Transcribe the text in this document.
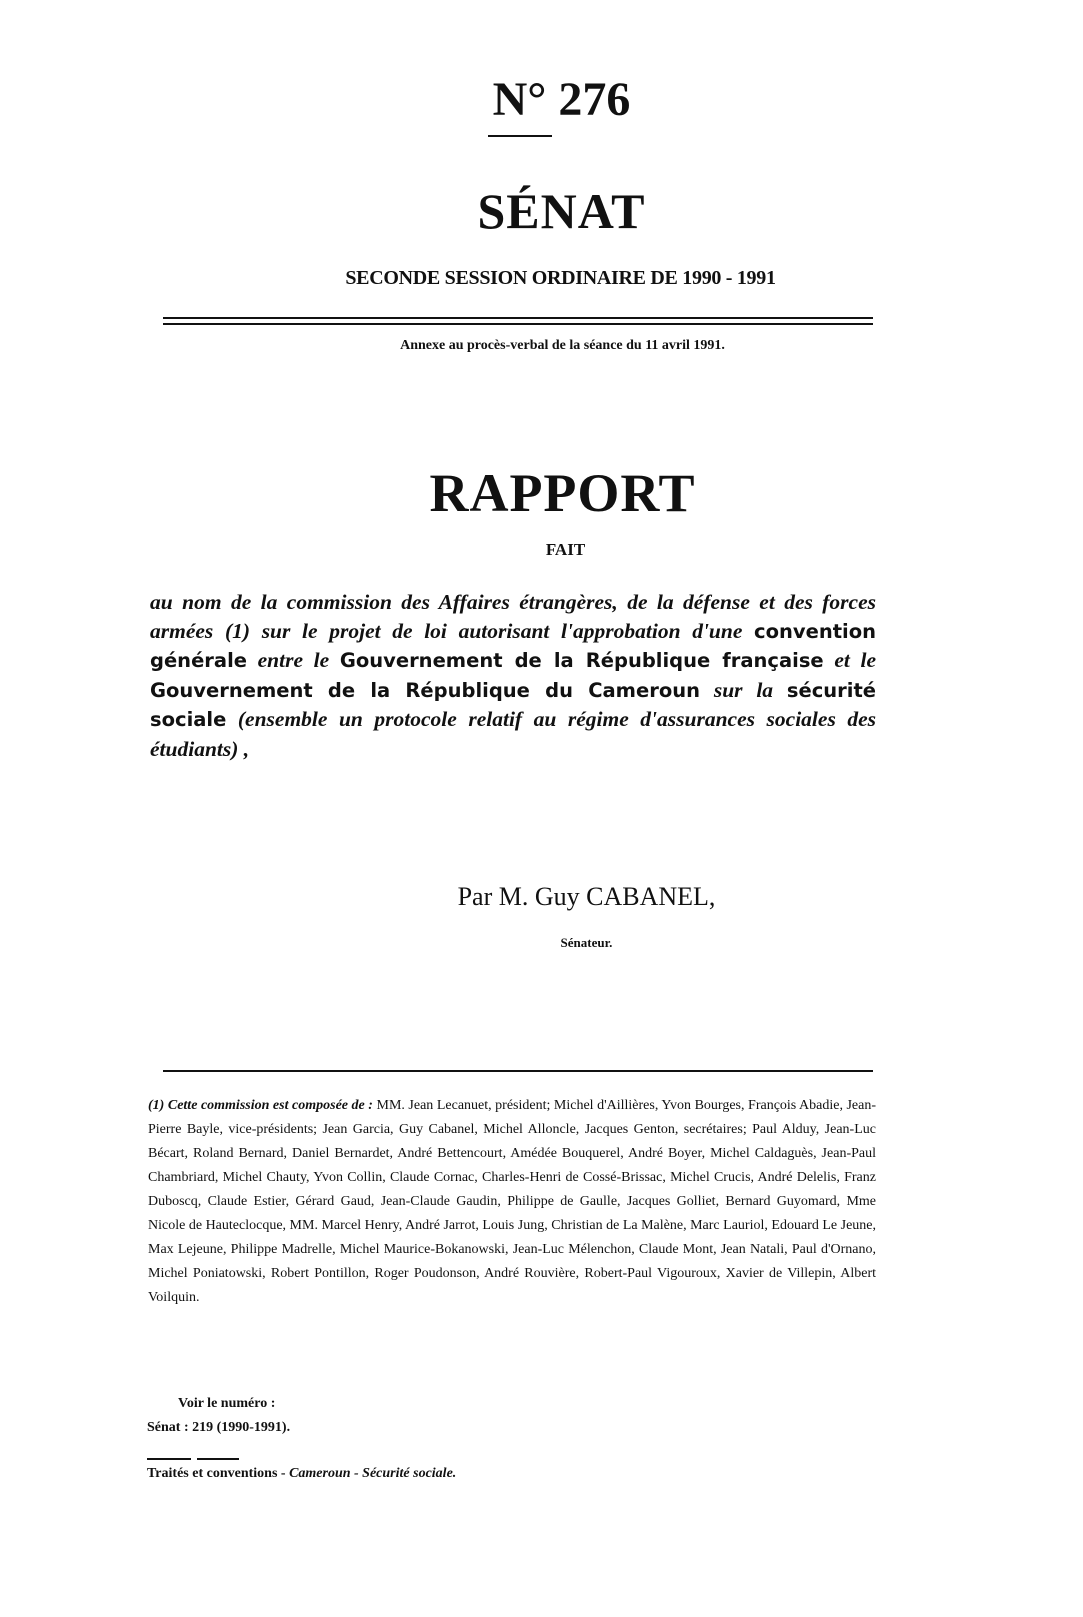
N° 276
SÉNAT
SECONDE SESSION ORDINAIRE DE 1990 - 1991
Annexe au procès-verbal de la séance du 11 avril 1991.
RAPPORT
FAIT
au nom de la commission des Affaires étrangères, de la défense et des forces armées (1) sur le projet de loi autorisant l'approbation d'une convention générale entre le Gouvernement de la République française et le Gouvernement de la République du Cameroun sur la sécurité sociale (ensemble un protocole relatif au régime d'assurances sociales des étudiants) ,
Par M. Guy CABANEL,
Sénateur.
(1) Cette commission est composée de : MM. Jean Lecanuet, président; Michel d'Aillières, Yvon Bourges, François Abadie, Jean-Pierre Bayle, vice-présidents; Jean Garcia, Guy Cabanel, Michel Alloncle, Jacques Genton, secrétaires; Paul Alduy, Jean-Luc Bécart, Roland Bernard, Daniel Bernardet, André Bettencourt, Amédée Bouquerel, André Boyer, Michel Caldaguès, Jean-Paul Chambriard, Michel Chauty, Yvon Collin, Claude Cornac, Charles-Henri de Cossé-Brissac, Michel Crucis, André Delelis, Franz Duboscq, Claude Estier, Gérard Gaud, Jean-Claude Gaudin, Philippe de Gaulle, Jacques Golliet, Bernard Guyomard, Mme Nicole de Hauteclocque, MM. Marcel Henry, André Jarrot, Louis Jung, Christian de La Malène, Marc Lauriol, Edouard Le Jeune, Max Lejeune, Philippe Madrelle, Michel Maurice-Bokanowski, Jean-Luc Mélenchon, Claude Mont, Jean Natali, Paul d'Ornano, Michel Poniatowski, Robert Pontillon, Roger Poudonson, André Rouvière, Robert-Paul Vigouroux, Xavier de Villepin, Albert Voilquin.
Voir le numéro :
Sénat : 219 (1990-1991).
Traités et conventions - Cameroun - Sécurité sociale.
